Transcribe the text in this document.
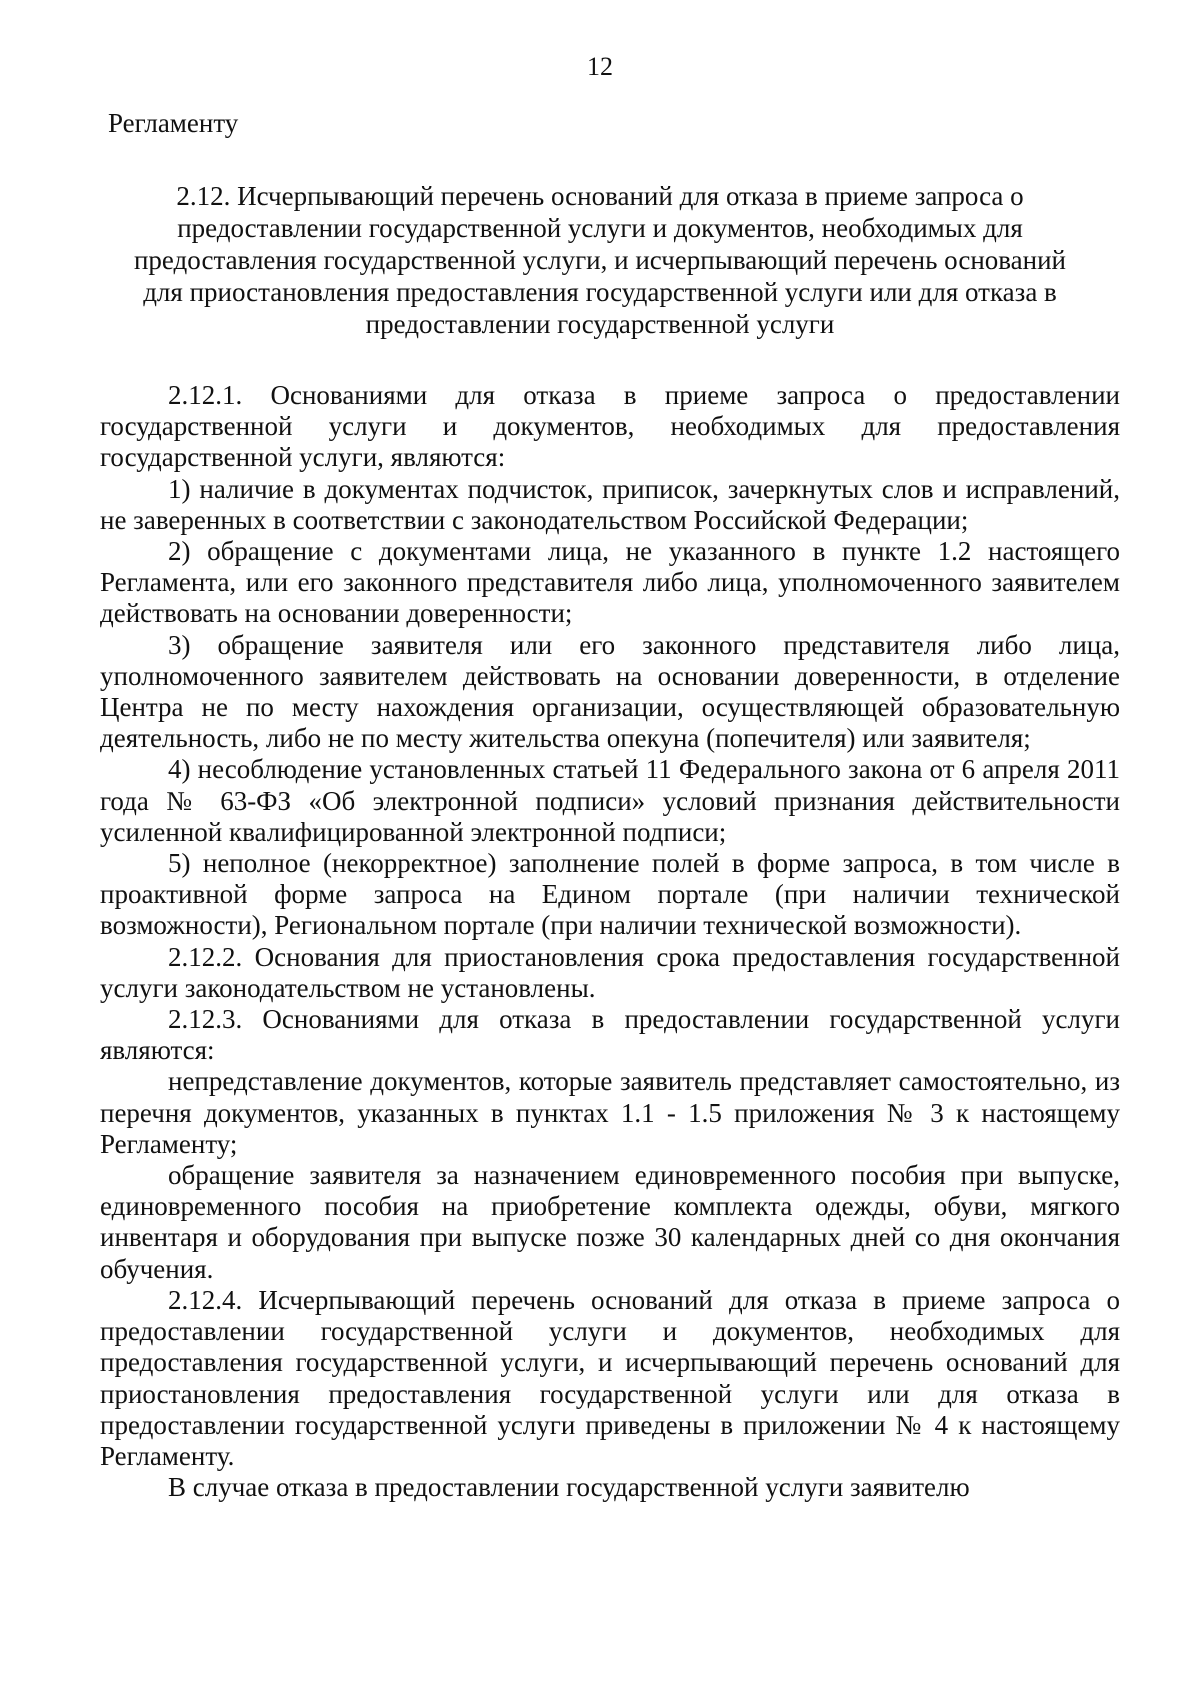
12
Регламенту
2.12. Исчерпывающий перечень оснований для отказа в приеме запроса о предоставлении государственной услуги и документов, необходимых для предоставления государственной услуги, и исчерпывающий перечень оснований для приостановления предоставления государственной услуги или для отказа в предоставлении государственной услуги

2.12.1. Основаниями для отказа в приеме запроса о предоставлении государственной услуги и документов, необходимых для предоставления государственной услуги, являются:

1) наличие в документах подчисток, приписок, зачеркнутых слов и исправлений, не заверенных в соответствии с законодательством Российской Федерации;

2) обращение с документами лица, не указанного в пункте 1.2 настоящего Регламента, или его законного представителя либо лица, уполномоченного заявителем действовать на основании доверенности;

3) обращение заявителя или его законного представителя либо лица, уполномоченного заявителем действовать на основании доверенности, в отделение Центра не по месту нахождения организации, осуществляющей образовательную деятельность, либо не по месту жительства опекуна (попечителя) или заявителя;

4) несоблюдение установленных статьей 11 Федерального закона от 6 апреля 2011 года № 63-ФЗ «Об электронной подписи» условий признания действительности усиленной квалифицированной электронной подписи;

5) неполное (некорректное) заполнение полей в форме запроса, в том числе в проактивной форме запроса на Едином портале (при наличии технической возможности), Региональном портале (при наличии технической возможности).

2.12.2. Основания для приостановления срока предоставления государственной услуги законодательством не установлены.

2.12.3. Основаниями для отказа в предоставлении государственной услуги являются:

непредставление документов, которые заявитель представляет самостоятельно, из перечня документов, указанных в пунктах 1.1 - 1.5 приложения № 3 к настоящему Регламенту;

обращение заявителя за назначением единовременного пособия при выпуске, единовременного пособия на приобретение комплекта одежды, обуви, мягкого инвентаря и оборудования при выпуске позже 30 календарных дней со дня окончания обучения.

2.12.4. Исчерпывающий перечень оснований для отказа в приеме запроса о предоставлении государственной услуги и документов, необходимых для предоставления государственной услуги, и исчерпывающий перечень оснований для приостановления предоставления государственной услуги или для отказа в предоставлении государственной услуги приведены в приложении № 4 к настоящему Регламенту.

В случае отказа в предоставлении государственной услуги заявителю
